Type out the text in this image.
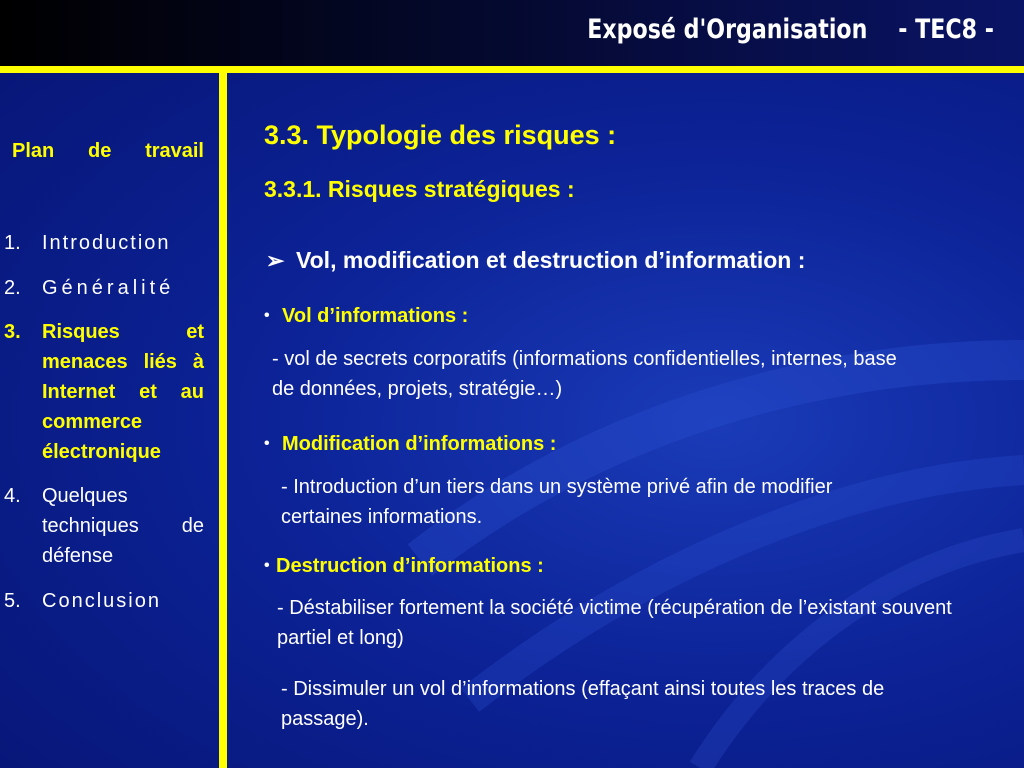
Exposé d'Organisation    - TEC8 -
Plan de travail
1. Introduction
2. Généralité
3. Risques et menaces liés à Internet et au commerce électronique
4. Quelques techniques de défense
5. Conclusion
3.3. Typologie des risques :
3.3.1. Risques stratégiques :
➢ Vol, modification et destruction d’information :
• Vol d’informations :
- vol de secrets corporatifs (informations confidentielles, internes, base de données, projets, stratégie…)
• Modification d’informations :
- Introduction d’un tiers dans un système privé afin de modifier certaines informations.
• Destruction d’informations :
- Déstabiliser fortement la société victime (récupération de l’existant souvent partiel et long)
- Dissimuler un vol d’informations (effaçant ainsi toutes les traces de passage).
